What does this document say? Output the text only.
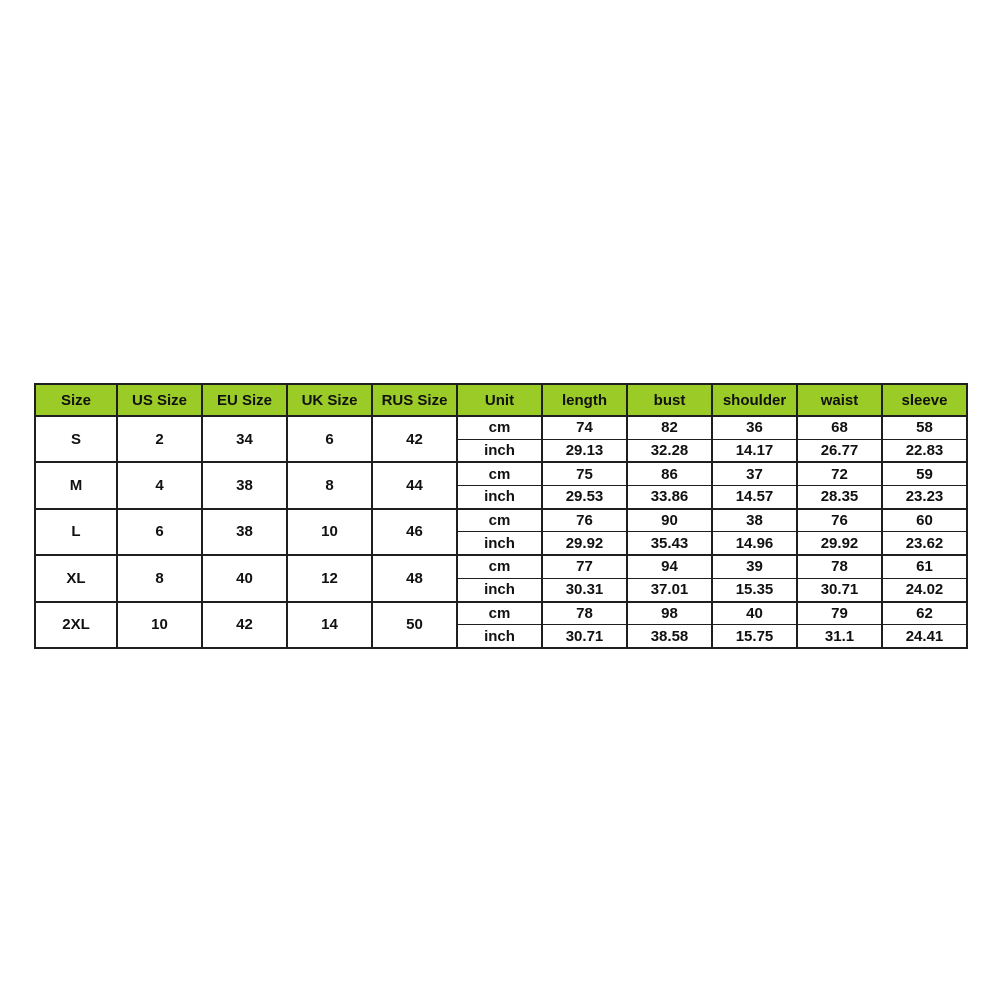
Size	US Size	EU Size	UK Size	RUS Size	Unit	length	bust	shoulder	waist	sleeve
S	2	34	6	42	cm	74	82	36	68	58
					inch	29.13	32.28	14.17	26.77	22.83
M	4	38	8	44	cm	75	86	37	72	59
					inch	29.53	33.86	14.57	28.35	23.23
L	6	38	10	46	cm	76	90	38	76	60
					inch	29.92	35.43	14.96	29.92	23.62
XL	8	40	12	48	cm	77	94	39	78	61
					inch	30.31	37.01	15.35	30.71	24.02
2XL	10	42	14	50	cm	78	98	40	79	62
					inch	30.71	38.58	15.75	31.1	24.41
